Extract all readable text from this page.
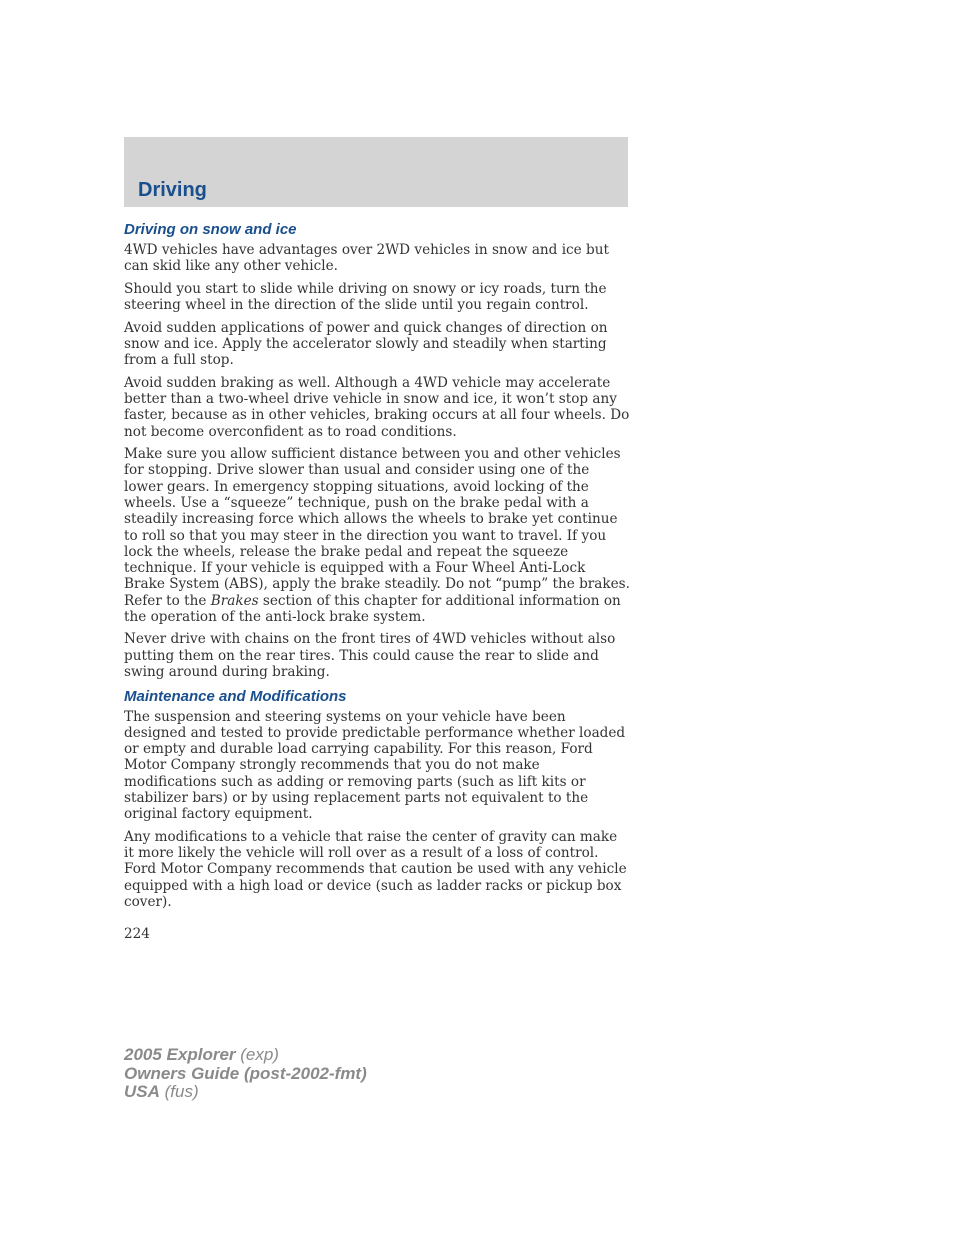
Driving
Driving on snow and ice

4WD vehicles have advantages over 2WD vehicles in snow and ice but can skid like any other vehicle.

Should you start to slide while driving on snowy or icy roads, turn the steering wheel in the direction of the slide until you regain control.

Avoid sudden applications of power and quick changes of direction on snow and ice. Apply the accelerator slowly and steadily when starting from a full stop.

Avoid sudden braking as well. Although a 4WD vehicle may accelerate better than a two-wheel drive vehicle in snow and ice, it won’t stop any faster, because as in other vehicles, braking occurs at all four wheels. Do not become overconfident as to road conditions.

Make sure you allow sufficient distance between you and other vehicles for stopping. Drive slower than usual and consider using one of the lower gears. In emergency stopping situations, avoid locking of the wheels. Use a “squeeze” technique, push on the brake pedal with a steadily increasing force which allows the wheels to brake yet continue to roll so that you may steer in the direction you want to travel. If you lock the wheels, release the brake pedal and repeat the squeeze technique. If your vehicle is equipped with a Four Wheel Anti-Lock Brake System (ABS), apply the brake steadily. Do not “pump” the brakes. Refer to the Brakes section of this chapter for additional information on the operation of the anti-lock brake system.

Never drive with chains on the front tires of 4WD vehicles without also putting them on the rear tires. This could cause the rear to slide and swing around during braking.

Maintenance and Modifications

The suspension and steering systems on your vehicle have been designed and tested to provide predictable performance whether loaded or empty and durable load carrying capability. For this reason, Ford Motor Company strongly recommends that you do not make modifications such as adding or removing parts (such as lift kits or stabilizer bars) or by using replacement parts not equivalent to the original factory equipment.

Any modifications to a vehicle that raise the center of gravity can make it more likely the vehicle will roll over as a result of a loss of control. Ford Motor Company recommends that caution be used with any vehicle equipped with a high load or device (such as ladder racks or pickup box cover).

224
2005 Explorer (exp)
Owners Guide (post-2002-fmt)
USA (fus)
